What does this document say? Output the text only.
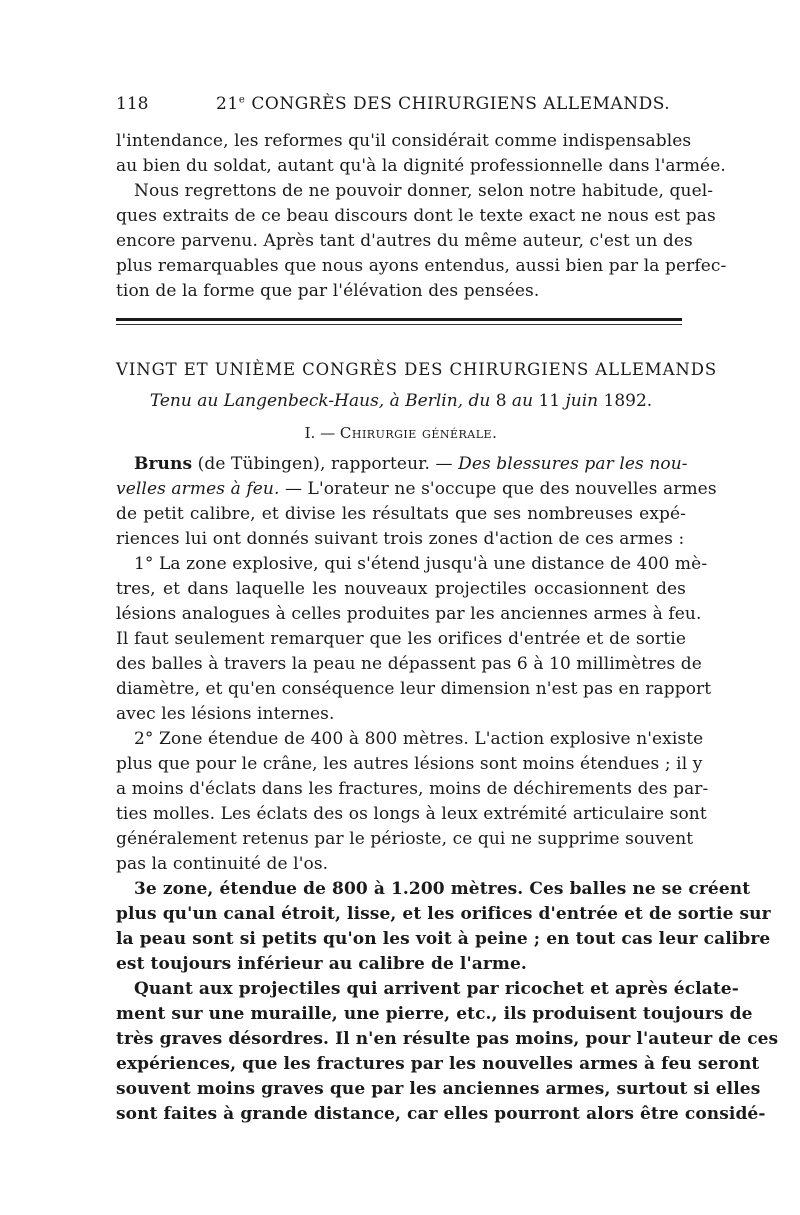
118	21e CONGRÈS DES CHIRURGIENS ALLEMANDS.
l'intendance, les reformes qu'il considérait comme indispensables
au bien du soldat, autant qu'à la dignité professionnelle dans l'armée.
Nous regrettons de ne pouvoir donner, selon notre habitude, quel-
ques extraits de ce beau discours dont le texte exact ne nous est pas
encore parvenu. Après tant d'autres du même auteur, c'est un des
plus remarquables que nous ayons entendus, aussi bien par la perfec-
tion de la forme que par l'élévation des pensées.
VINGT ET UNIÈME CONGRÈS DES CHIRURGIENS ALLEMANDS
Tenu au Langenbeck-Haus, à Berlin, du 8 au 11 juin 1892.
I. — Chirurgie générale.
Bruns (de Tübingen), rapporteur. — Des blessures par les nou-
velles armes à feu. — L'orateur ne s'occupe que des nouvelles armes
de petit calibre, et divise les résultats que ses nombreuses expé-
riences lui ont donnés suivant trois zones d'action de ces armes :
1° La zone explosive, qui s'étend jusqu'à une distance de 400 mè-
tres, et dans laquelle les nouveaux projectiles occasionnent des
lésions analogues à celles produites par les anciennes armes à feu.
Il faut seulement remarquer que les orifices d'entrée et de sortie
des balles à travers la peau ne dépassent pas 6 à 10 millimètres de
diamètre, et qu'en conséquence leur dimension n'est pas en rapport
avec les lésions internes.
2° Zone étendue de 400 à 800 mètres. L'action explosive n'existe
plus que pour le crâne, les autres lésions sont moins étendues ; il y
a moins d'éclats dans les fractures, moins de déchirements des par-
ties molles. Les éclats des os longs à leux extrémité articulaire sont
généralement retenus par le périoste, ce qui ne supprime souvent
pas la continuité de l'os.
3e zone, étendue de 800 à 1.200 mètres. Ces balles ne se créent
plus qu'un canal étroit, lisse, et les orifices d'entrée et de sortie sur
la peau sont si petits qu'on les voit à peine ; en tout cas leur calibre
est toujours inférieur au calibre de l'arme.
Quant aux projectiles qui arrivent par ricochet et après éclate-
ment sur une muraille, une pierre, etc., ils produisent toujours de
très graves désordres. Il n'en résulte pas moins, pour l'auteur de ces
expériences, que les fractures par les nouvelles armes à feu seront
souvent moins graves que par les anciennes armes, surtout si elles
sont faites à grande distance, car elles pourront alors être considé-
